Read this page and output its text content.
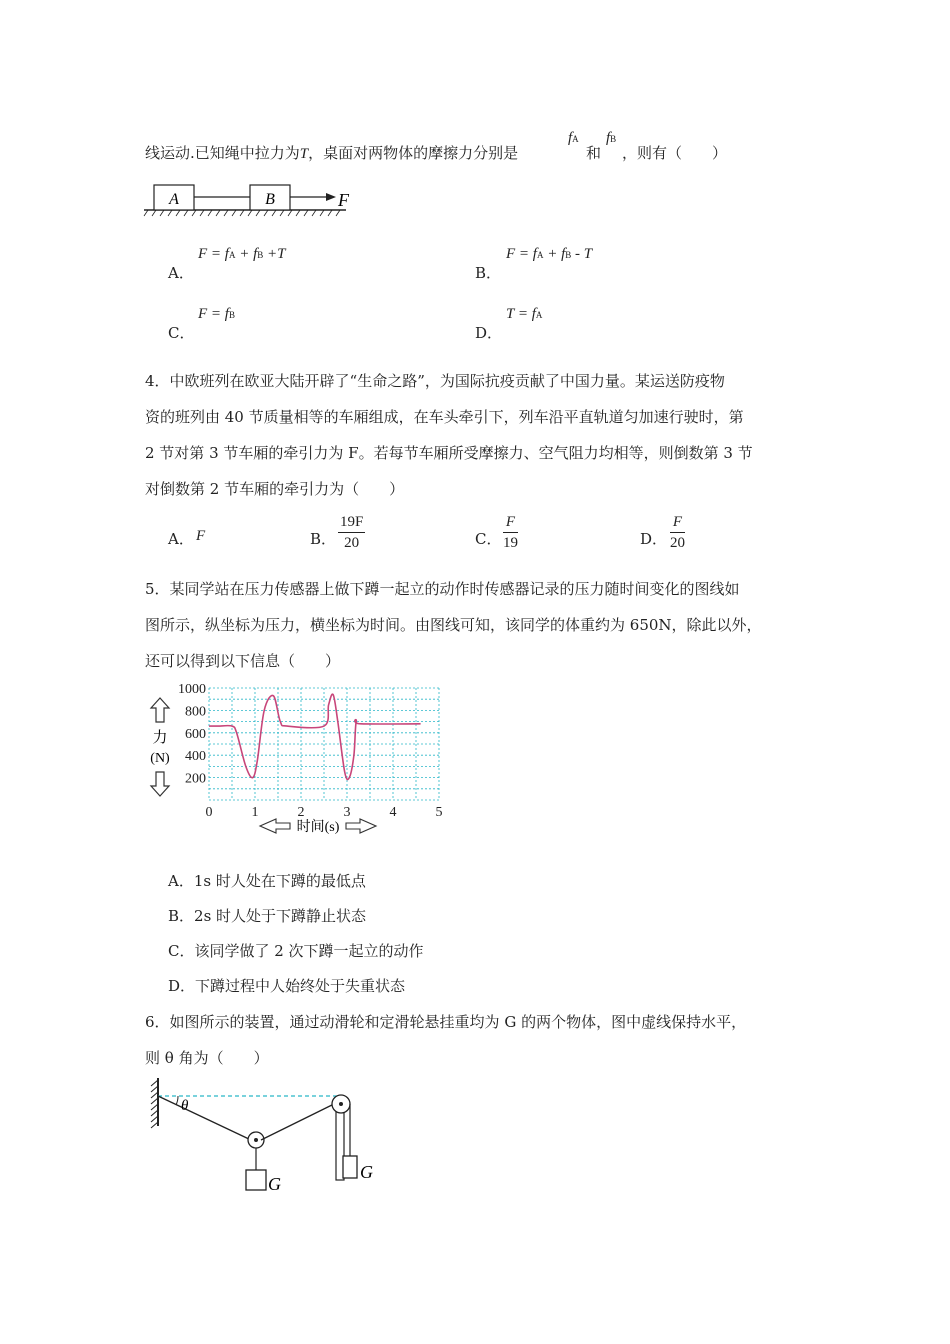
线运动.已知绳中拉力为T，桌面对两物体的摩擦力分别是
fA
和
fB
，则有（　　）
A	B	F
A．
F = fA + fB +T
B．
F = fA + fB - T
C．
F = fB
D．
T = fA
4．中欧班列在欧亚大陆开辟了“生命之路”，为国际抗疫贡献了中国力量。某运送防疫物
资的班列由 40 节质量相等的车厢组成，在车头牵引下，列车沿平直轨道匀加速行驶时，第
2 节对第 3 节车厢的牵引力为 F。若每节车厢所受摩擦力、空气阻力均相等，则倒数第 3 节
对倒数第 2 节车厢的牵引力为（　　）
A． F	B． $\frac{19F}{20}$	C． $\frac{F}{19}$	D． $\frac{F}{20}$
5．某同学站在压力传感器上做下蹲一起立的动作时传感器记录的压力随时间变化的图线如
图所示，纵坐标为压力，横坐标为时间。由图线可知，该同学的体重约为 650N，除此以外，
还可以得到以下信息（　　）
200
400
600
800
1000
0	1	2	3	4	5
力
(N)
时间(s)
A．1s 时人处在下蹲的最低点
B．2s 时人处于下蹲静止状态
C．该同学做了 2 次下蹲一起立的动作
D．下蹲过程中人始终处于失重状态
6．如图所示的装置，通过动滑轮和定滑轮悬挂重均为 G 的两个物体，图中虚线保持水平，
则 θ 角为（　　）
θ
G
G
